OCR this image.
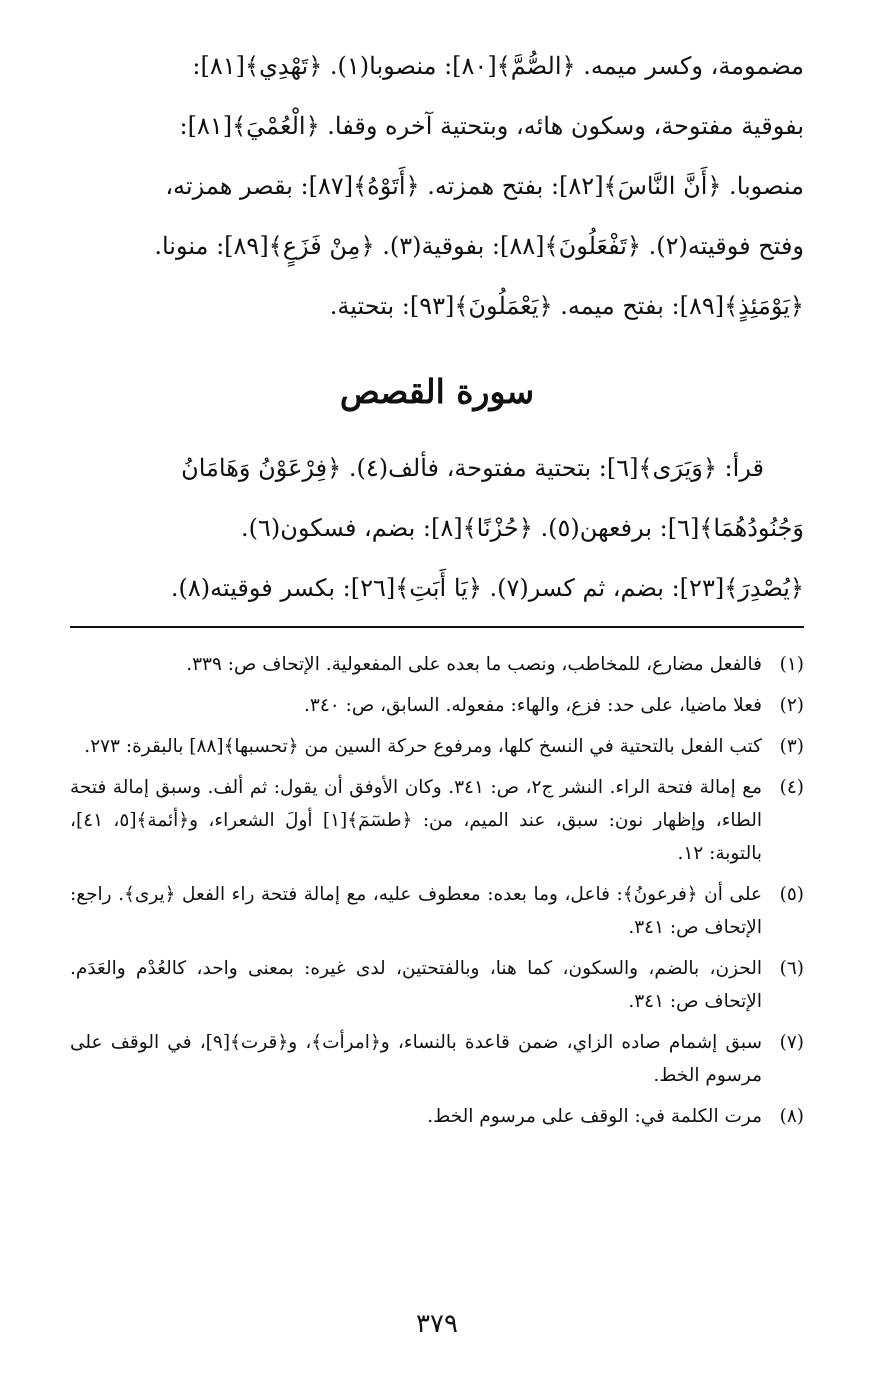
مضمومة، وكسر ميمه. ﴿الصُّمَّ﴾[٨٠]: منصوبا(١). ﴿تَهْدِي﴾[٨١]:

بفوقية مفتوحة، وسكون هائه، وبتحتية آخره وقفا. ﴿الْعُمْيَ﴾[٨١]:

منصوبا. ﴿أَنَّ النَّاسَ﴾[٨٢]: بفتح همزته. ﴿أَتَوْهُ﴾[٨٧]: بقصر همزته،

وفتح فوقيته(٢). ﴿تَفْعَلُونَ﴾[٨٨]: بفوقية(٣). ﴿مِنْ فَزَعٍ﴾[٨٩]: منونا.

﴿يَوْمَئِذٍ﴾[٨٩]: بفتح ميمه. ﴿يَعْمَلُونَ﴾[٩٣]: بتحتية.

سورة القصص

قرأ: ﴿وَيَرَى﴾[٦]: بتحتية مفتوحة، فألف(٤). ﴿فِرْعَوْنُ وَهَامَانُ

وَجُنُودُهُمَا﴾[٦]: برفعهن(٥). ﴿حُزْنًا﴾[٨]: بضم، فسكون(٦).

﴿يُصْدِرَ﴾[٢٣]: بضم، ثم كسر(٧). ﴿يَا أَبَتِ﴾[٢٦]: بكسر فوقيته(٨).

(١)
فالفعل مضارع، للمخاطب، ونصب ما بعده على المفعولية. الإتحاف ص: ٣٣٩.
(٢)
فعلا ماضيا، على حد: فزع، والهاء: مفعوله. السابق، ص: ٣٤٠.
(٣)
كتب الفعل بالتحتية في النسخ كلها، ومرفوع حركة السين من ﴿تحسبها﴾[٨٨] بالبقرة: ٢٧٣.
(٤)
مع إمالة فتحة الراء. النشر ج٢، ص: ٣٤١. وكان الأوفق أن يقول: ثم ألف. وسبق إمالة فتحة الطاء، وإظهار نون: سبق، عند الميم، من: ﴿طسٓمٓ﴾[١] أولَ الشعراء، و﴿أئمة﴾[٥، ٤١]، بالتوبة: ١٢.
(٥)
على أن ﴿فرعونُ﴾: فاعل، وما بعده: معطوف عليه، مع إمالة فتحة راء الفعل ﴿يرى﴾. راجع: الإتحاف ص: ٣٤١.
(٦)
الحزن، بالضم، والسكون، كما هنا، وبالفتحتين، لدى غيره: بمعنى واحد، كالعُدْم والعَدَم. الإتحاف ص: ٣٤١.
(٧)
سبق إشمام صاده الزاي، ضمن قاعدة بالنساء، و﴿امرأت﴾، و﴿قرت﴾[٩]، في الوقف على مرسوم الخط.
(٨)
مرت الكلمة في: الوقف على مرسوم الخط.
٣٧٩
